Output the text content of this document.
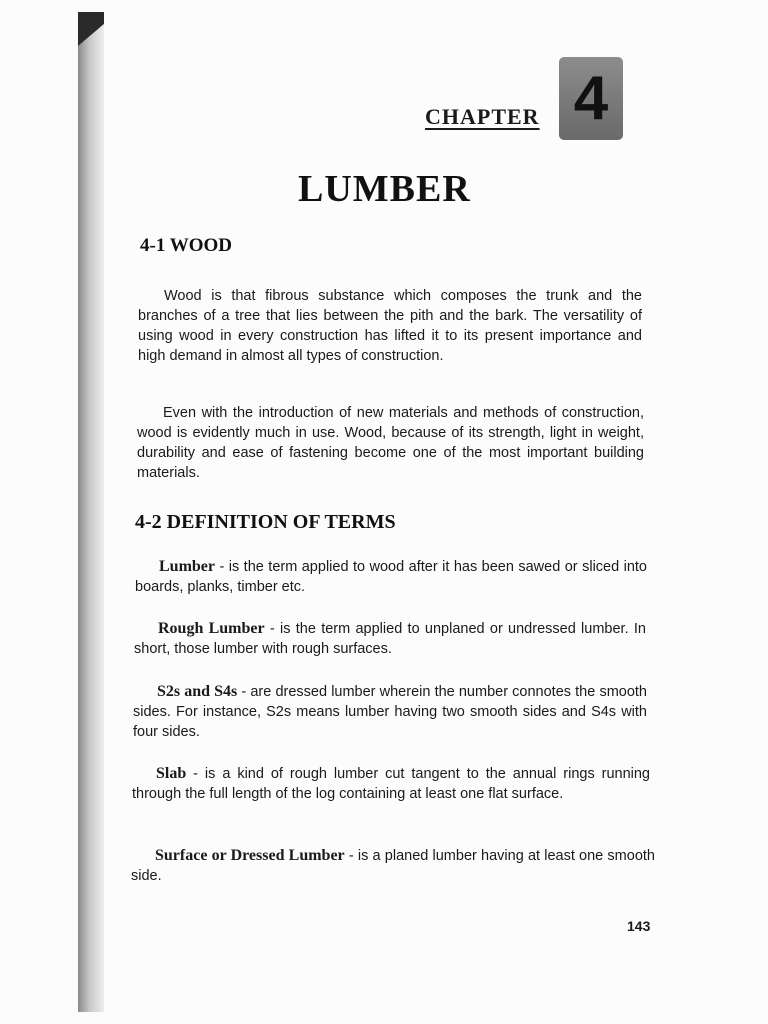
CHAPTER 4
LUMBER
4-1 WOOD

Wood is that fibrous substance which composes the trunk and the branches of a tree that lies between the pith and the bark. The versatility of using wood in every construction has lifted it to its present importance and high demand in almost all types of construction.

Even with the introduction of new materials and methods of construction, wood is evidently much in use. Wood, because of its strength, light in weight, durability and ease of fastening become one of the most important building materials.

4-2 DEFINITION OF TERMS

Lumber - is the term applied to wood after it has been sawed or sliced into boards, planks, timber etc.

Rough Lumber - is the term applied to unplaned or undressed lumber. In short, those lumber with rough surfaces.

S2s and S4s - are dressed lumber wherein the number connotes the smooth sides. For instance, S2s means lumber having two smooth sides and S4s with four sides.

Slab - is a kind of rough lumber cut tangent to the annual rings running through the full length of the log containing at least one flat surface.

Surface or Dressed Lumber - is a planed lumber having at least one smooth side.

143
